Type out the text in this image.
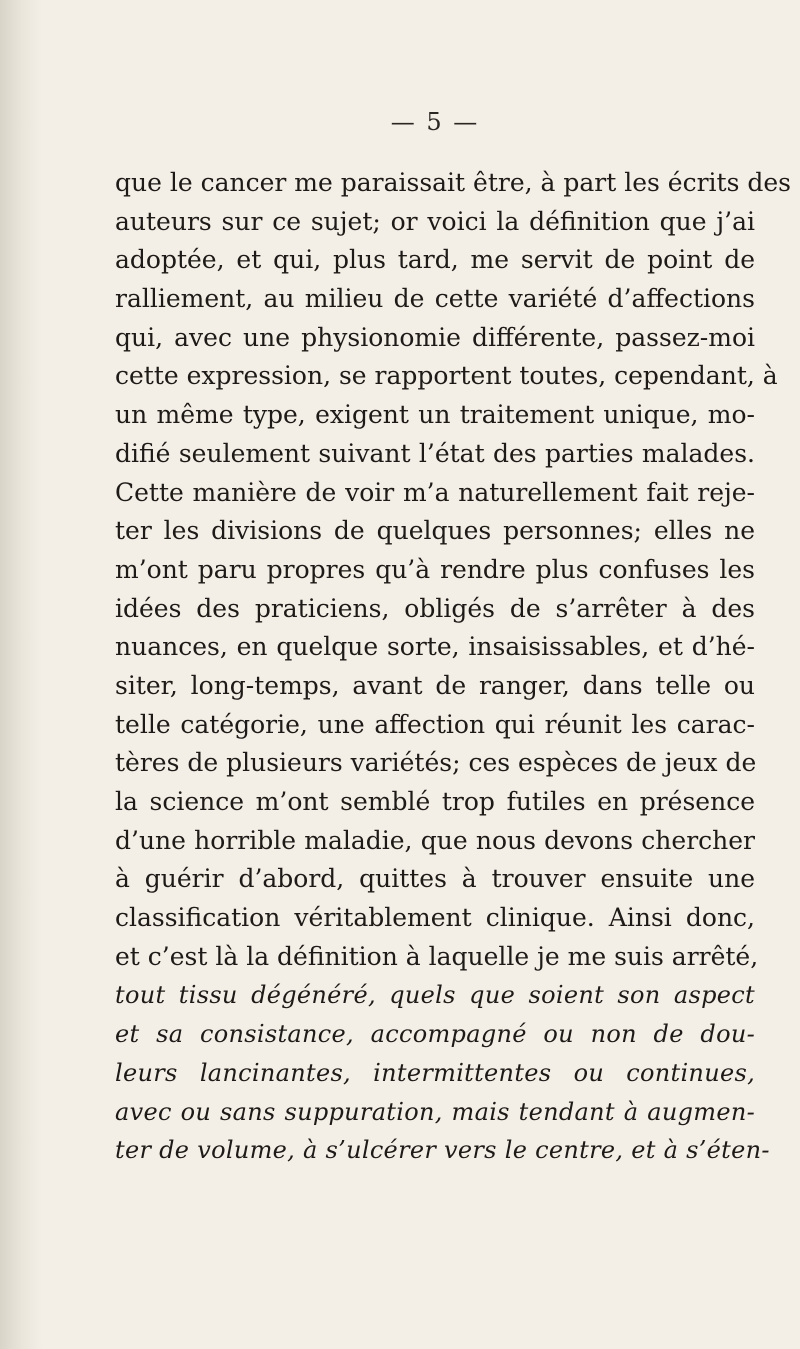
— 5 —
que le cancer me paraissait être, à part les écrits des
auteurs sur ce sujet; or voici la définition que j’ai
adoptée, et qui, plus tard, me servit de point de
ralliement, au milieu de cette variété d’affections
qui, avec une physionomie différente, passez-moi
cette expression, se rapportent toutes, cependant, à
un même type, exigent un traitement unique, mo-
difié seulement suivant l’état des parties malades.
Cette manière de voir m’a naturellement fait reje-
ter les divisions de quelques personnes; elles ne
m’ont paru propres qu’à rendre plus confuses les
idées des praticiens, obligés de s’arrêter à des
nuances, en quelque sorte, insaisissables, et d’hé-
siter, long-temps, avant de ranger, dans telle ou
telle catégorie, une affection qui réunit les carac-
tères de plusieurs variétés; ces espèces de jeux de
la science m’ont semblé trop futiles en présence
d’une horrible maladie, que nous devons chercher
à guérir d’abord, quittes à trouver ensuite une
classification véritablement clinique. Ainsi donc,
et c’est là la définition à laquelle je me suis arrêté,
tout tissu dégénéré, quels que soient son aspect
et sa consistance, accompagné ou non de dou-
leurs lancinantes, intermittentes ou continues,
avec ou sans suppuration, mais tendant à augmen-
ter de volume, à s’ulcérer vers le centre, et à s’éten-
